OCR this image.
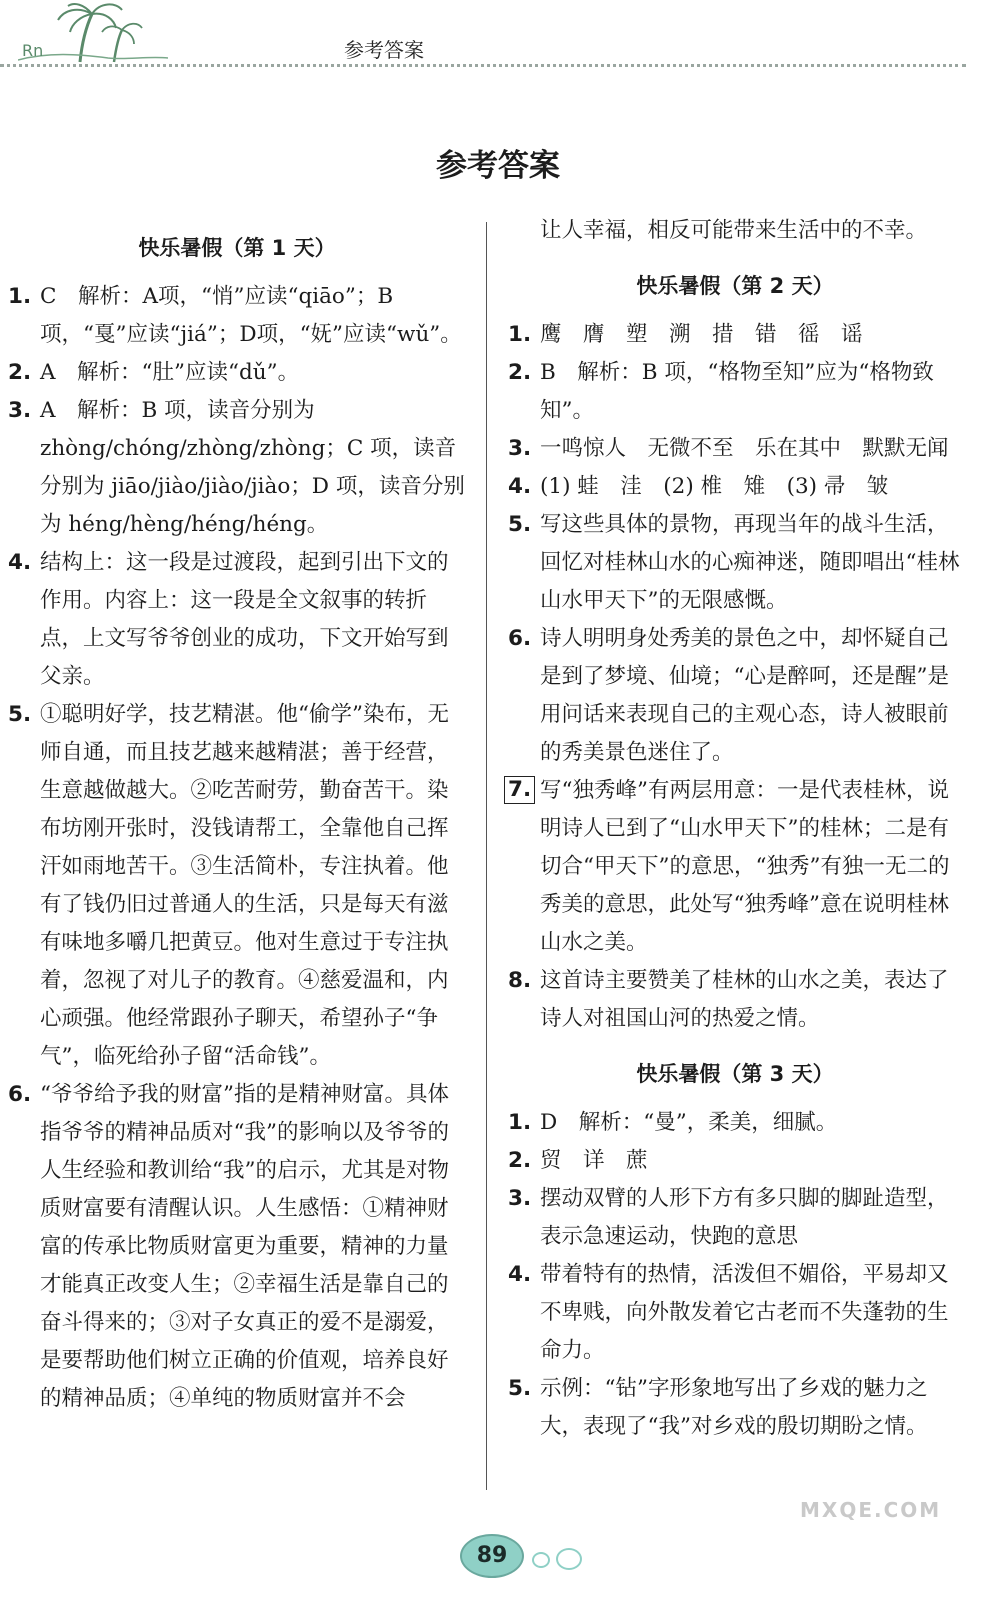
Rn	参考答案
参考答案
快乐暑假（第 1 天）
1. C　解析：A项，“悄”应读“qiāo”；B项，“戛”应读“jiá”；D项，“妩”应读“wǔ”。
2. A　解析：“肚”应读“dǔ”。
3. A　解析：B 项，读音分别为 zhòng/chóng/zhòng/zhòng；C 项，读音分别为 jiāo/jiào/jiào/jiào；D 项，读音分别为 héng/hèng/héng/héng。
4. 结构上：这一段是过渡段，起到引出下文的作用。内容上：这一段是全文叙事的转折点，上文写爷爷创业的成功，下文开始写到父亲。
5. ①聪明好学，技艺精湛。他“偷学”染布，无师自通，而且技艺越来越精湛；善于经营，生意越做越大。②吃苦耐劳，勤奋苦干。染布坊刚开张时，没钱请帮工，全靠他自己挥汗如雨地苦干。③生活简朴，专注执着。他有了钱仍旧过普通人的生活，只是每天有滋有味地多嚼几把黄豆。他对生意过于专注执着，忽视了对儿子的教育。④慈爱温和，内心顽强。他经常跟孙子聊天，希望孙子“争气”，临死给孙子留“活命钱”。
6. “爷爷给予我的财富”指的是精神财富。具体指爷爷的精神品质对“我”的影响以及爷爷的人生经验和教训给“我”的启示，尤其是对物质财富要有清醒认识。人生感悟：①精神财富的传承比物质财富更为重要，精神的力量才能真正改变人生；②幸福生活是靠自己的奋斗得来的；③对子女真正的爱不是溺爱，是要帮助他们树立正确的价值观，培养良好的精神品质；④单纯的物质财富并不会
让人幸福，相反可能带来生活中的不幸。
快乐暑假（第 2 天）
1. 鹰　膺　塑　溯　措　错　徭　谣
2. B　解析：B 项，“格物至知”应为“格物致知”。
3. 一鸣惊人　无微不至　乐在其中　默默无闻
4. (1) 蛙　洼　(2) 椎　雉　(3) 帚　皱
5. 写这些具体的景物，再现当年的战斗生活，回忆对桂林山水的心痴神迷，随即唱出“桂林山水甲天下”的无限感慨。
6. 诗人明明身处秀美的景色之中，却怀疑自己是到了梦境、仙境；“心是醉呵，还是醒”是用问话来表现自己的主观心态，诗人被眼前的秀美景色迷住了。
7. 写“独秀峰”有两层用意：一是代表桂林，说明诗人已到了“山水甲天下”的桂林；二是有切合“甲天下”的意思，“独秀”有独一无二的秀美的意思，此处写“独秀峰”意在说明桂林山水之美。
8. 这首诗主要赞美了桂林的山水之美，表达了诗人对祖国山河的热爱之情。
快乐暑假（第 3 天）
1. D　解析：“曼”，柔美，细腻。
2. 贸　详　蔗
3. 摆动双臂的人形下方有多只脚的脚趾造型，表示急速运动，快跑的意思
4. 带着特有的热情，活泼但不媚俗，平易却又不卑贱，向外散发着它古老而不失蓬勃的生命力。
5. 示例：“钻”字形象地写出了乡戏的魅力之大，表现了“我”对乡戏的殷切期盼之情。
89
MXQE.COM
